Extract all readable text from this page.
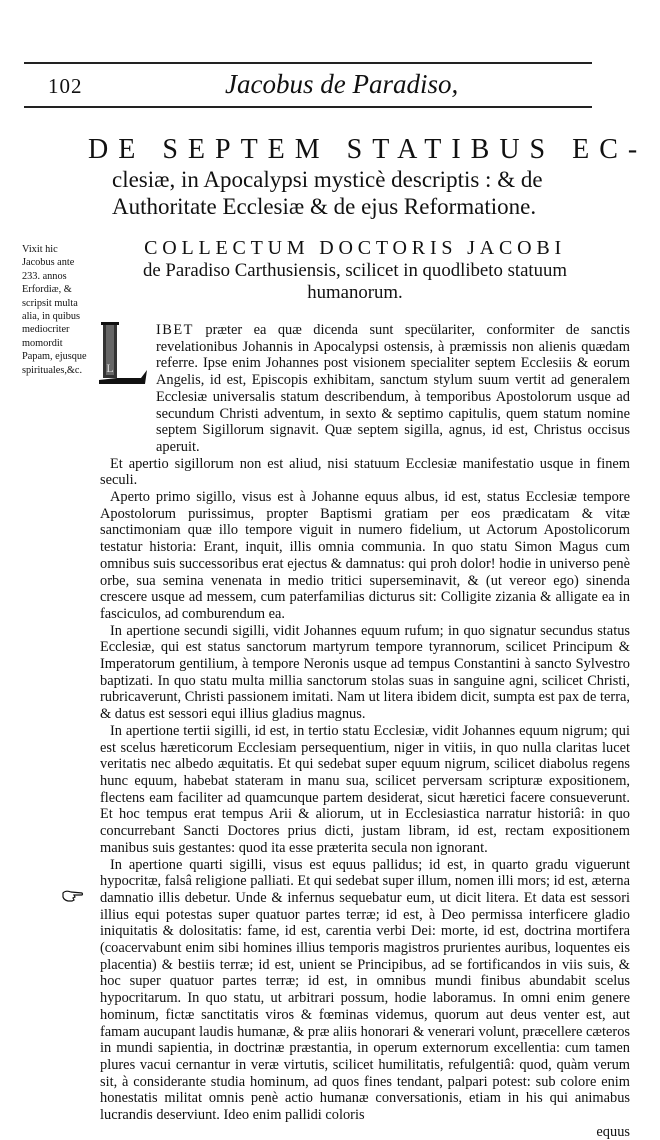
102	Jacobus de Paradiso,
DE SEPTEM STATIBUS EC-
clesiæ, in Apocalypsi mysticè descriptis : & de Authoritate Ecclesiæ & de ejus Reformatione.
Vixit hic Jacobus ante 233. annos Erfordiæ, & scripsit multa alia, in quibus mediocriter momordit Papam, ejusque spirituales,&c.
COLLECTUM DOCTORIS JACOBI
de Paradiso Carthusiensis, scilicet in quodlibeto statuum humanorum.
L

IBET præter ea quæ dicenda sunt specülariter, conformiter de sanctis revelationibus Johannis in Apocalypsi ostensis, à præmissis non alienis quædam referre. Ipse enim Johannes post visionem specialiter septem Ecclesiis & eorum Angelis, id est, Episcopis exhibitam, sanctum stylum suum vertit ad generalem Ecclesiæ universalis statum describendum, à temporibus Apostolorum usque ad secundum Christi adventum, in sexto & septimo capitulis, quem statum nomine septem Sigillorum signavit. Quæ septem sigilla, agnus, id est, Christus occisus aperuit.

Et apertio sigillorum non est aliud, nisi statuum Ecclesiæ manifestatio usque in finem seculi.

Aperto primo sigillo, visus est à Johanne equus albus, id est, status Ecclesiæ tempore Apostolorum purissimus, propter Baptismi gratiam per eos prædicatam & vitæ sanctimoniam quæ illo tempore viguit in numero fidelium, ut Actorum Apostolicorum testatur historia: Erant, inquit, illis omnia communia. In quo statu Simon Magus cum omnibus suis successoribus erat ejectus & damnatus: qui proh dolor! hodie in universo penè orbe, sua semina venenata in medio tritici superseminavit, & (ut vereor ego) sinenda crescere usque ad messem, cum paterfamilias dicturus sit: Colligite zizania & alligate ea in fasciculos, ad comburendum ea.

In apertione secundi sigilli, vidit Johannes equum rufum; in quo signatur secundus status Ecclesiæ, qui est status sanctorum martyrum tempore tyrannorum, scilicet Principum & Imperatorum gentilium, à tempore Neronis usque ad tempus Constantini à sancto Sylvestro baptizati. In quo statu multa millia sanctorum stolas suas in sanguine agni, scilicet Christi, rubricaverunt, Christi passionem imitati. Nam ut litera ibidem dicit, sumpta est pax de terra, & datus est sessori equi illius gladius magnus.

In apertione tertii sigilli, id est, in tertio statu Ecclesiæ, vidit Johannes equum nigrum; qui est scelus hæreticorum Ecclesiam persequentium, niger in vitiis, in quo nulla claritas lucet veritatis nec albedo æquitatis. Et qui sedebat super equum nigrum, scilicet diabolus regens hunc equum, habebat stateram in manu sua, scilicet perversam scripturæ expositionem, flectens eam faciliter ad quamcunque partem desiderat, sicut hæretici facere consueverunt. Et hoc tempus erat tempus Arii & aliorum, ut in Ecclesiastica narratur historiâ: in quo concurrebant Sancti Doctores prius dicti, justam libram, id est, rectam expositionem manibus suis gestantes: quod ita esse præterita secula non ignorant.

In apertione quarti sigilli, visus est equus pallidus; id est, in quarto gradu viguerunt hypocritæ, falsâ religione palliati. Et qui sedebat super illum, nomen illi mors; id est, æterna damnatio illis debetur. Unde & infernus sequebatur eum, ut dicit litera. Et data est sessori illius equi potestas super quatuor partes terræ; id est, à Deo permissa interficere gladio iniquitatis & dolositatis: fame, id est, carentia verbi Dei: morte, id est, doctrina mortifera (coacervabunt enim sibi homines illius temporis magistros prurientes auribus, loquentes eis placentia) & bestiis terræ; id est, unient se Principibus, ad se fortificandos in viis suis, & hoc super quatuor partes terræ; id est, in omnibus mundi finibus abundabit scelus hypocritarum. In quo statu, ut arbitrari possum, hodie laboramus. In omni enim genere hominum, fictæ sanctitatis viros & fœminas videmus, quorum aut deus venter est, aut famam aucupant laudis humanæ, & præ aliis honorari & venerari volunt, præcellere cæteros in mundi sapientia, in doctrinæ præstantia, in operum externorum excellentia: cum tamen plures vacui cernantur in veræ virtutis, scilicet humilitatis, refulgentiâ: quod, quàm verum sit, à considerante studia hominum, ad quos fines tendant, palpari potest: sub colore enim honestatis militat omnis penè actio humanæ conversationis, etiam in his qui animabus lucrandis deserviunt. Ideo enim pallidi coloris

equus
